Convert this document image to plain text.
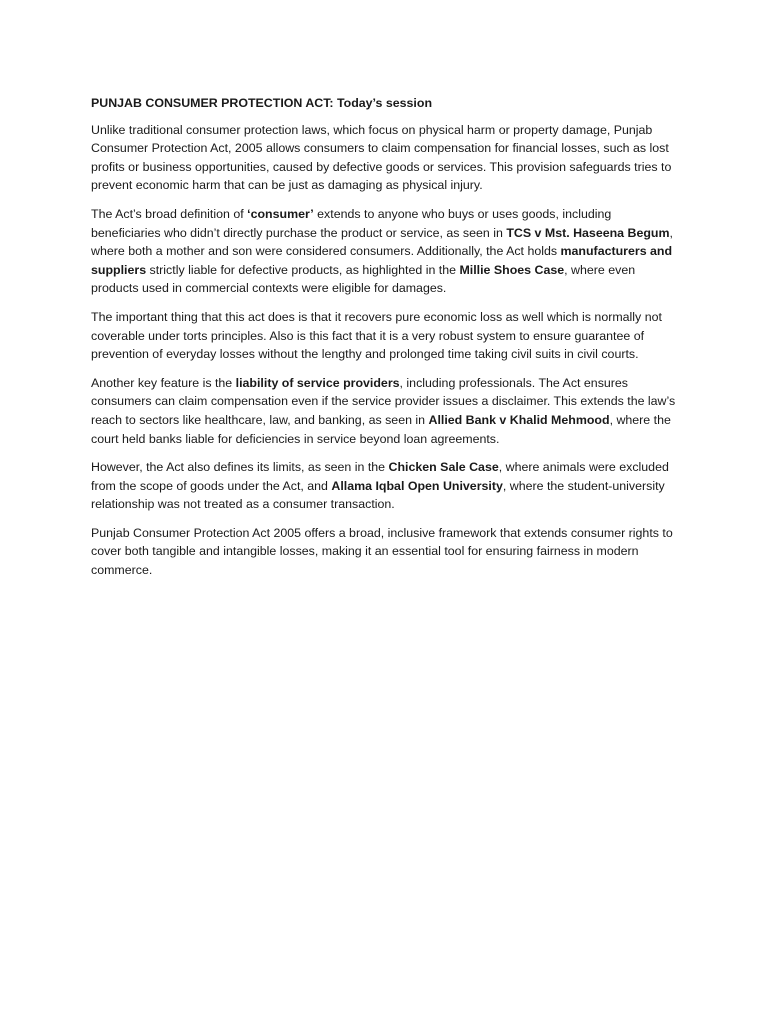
PUNJAB CONSUMER PROTECTION ACT: Today’s session

Unlike traditional consumer protection laws, which focus on physical harm or property damage, Punjab Consumer Protection Act, 2005 allows consumers to claim compensation for financial losses, such as lost profits or business opportunities, caused by defective goods or services. This provision safeguards tries to prevent economic harm that can be just as damaging as physical injury.

The Act’s broad definition of ‘consumer’ extends to anyone who buys or uses goods, including beneficiaries who didn’t directly purchase the product or service, as seen in TCS v Mst. Haseena Begum, where both a mother and son were considered consumers. Additionally, the Act holds manufacturers and suppliers strictly liable for defective products, as highlighted in the Millie Shoes Case, where even products used in commercial contexts were eligible for damages.

The important thing that this act does is that it recovers pure economic loss as well which is normally not coverable under torts principles. Also is this fact that it is a very robust system to ensure guarantee of prevention of everyday losses without the lengthy and prolonged time taking civil suits in civil courts.

Another key feature is the liability of service providers, including professionals. The Act ensures consumers can claim compensation even if the service provider issues a disclaimer. This extends the law’s reach to sectors like healthcare, law, and banking, as seen in Allied Bank v Khalid Mehmood, where the court held banks liable for deficiencies in service beyond loan agreements.

However, the Act also defines its limits, as seen in the Chicken Sale Case, where animals were excluded from the scope of goods under the Act, and Allama Iqbal Open University, where the student-university relationship was not treated as a consumer transaction.

Punjab Consumer Protection Act 2005 offers a broad, inclusive framework that extends consumer rights to cover both tangible and intangible losses, making it an essential tool for ensuring fairness in modern commerce.
